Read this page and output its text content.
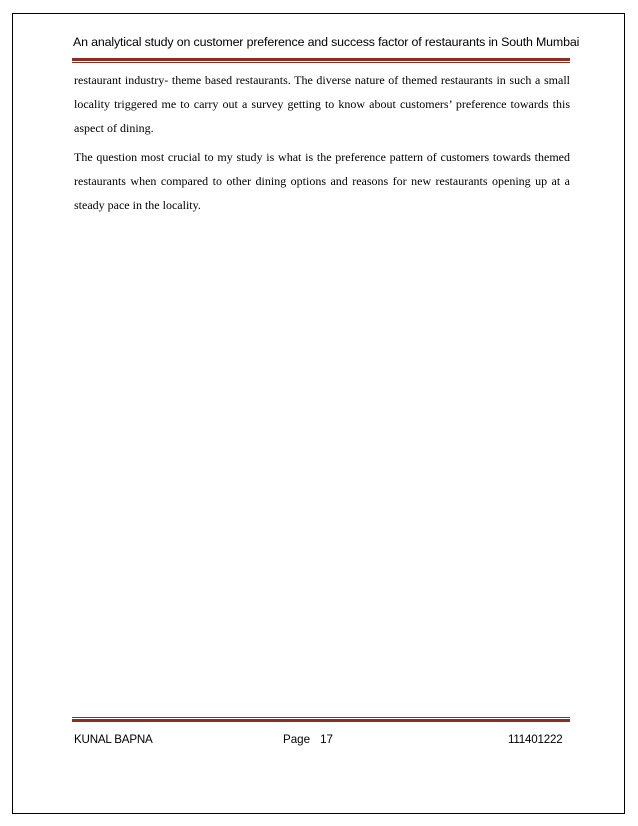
An analytical study on customer preference and success factor of restaurants in South Mumbai

restaurant industry- theme based restaurants. The diverse nature of themed restaurants in such a small locality triggered me to carry out a survey getting to know about customers’ preference towards this aspect of dining.

The question most crucial to my study is what is the preference pattern of customers towards themed restaurants when compared to other dining options and reasons for new restaurants opening up at a steady pace in the locality.

KUNAL BAPNA	Page 17	111401222
